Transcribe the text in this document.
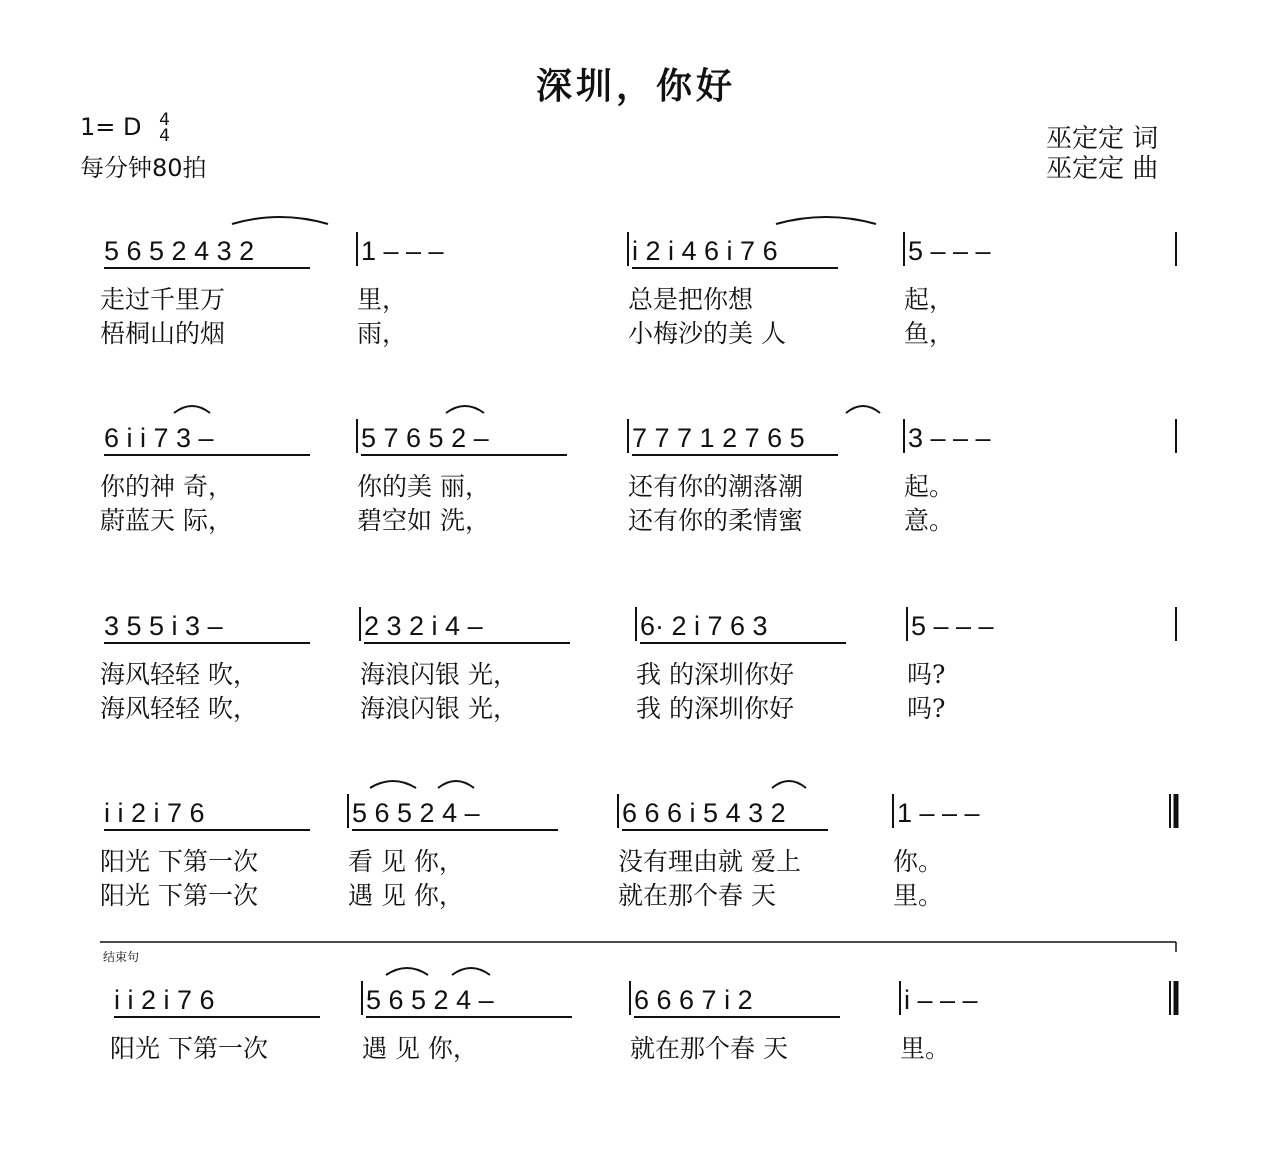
深圳，你好
1= D 4
4
每分钟80拍
巫定定 词
巫定定 曲
5 6 5 2 4 3 2
走过千里万
梧桐山的烟
1 – – –
里，
雨，
i 2 i 4 6 i 7 6
总是把你想
小梅沙的美 人
5 – – –
起，
鱼，
6 i i 7 3 –
你的神 奇，
蔚蓝天 际，
5 7 6 5 2 –
你的美 丽，
碧空如 洗，
7 7 7 1 2 7 6 5
还有你的潮落潮
还有你的柔情蜜
3 – – –
起。
意。
3 5 5 i 3 –
海风轻轻 吹，
海风轻轻 吹，
2 3 2 i 4 –
海浪闪银 光，
海浪闪银 光，
6· 2 i 7 6 3
我 的深圳你好
我 的深圳你好
5 – – –
吗?
吗?
i i 2 i 7 6
阳光 下第一次
阳光 下第一次
5 6 5 2 4 –
看 见 你，
遇 见 你，
6 6 6 i 5 4 3 2
没有理由就 爱上
就在那个春 天
1 – – –
你。
里。
i i 2 i 7 6
阳光 下第一次
5 6 5 2 4 –
遇 见 你，
6 6 6 7 i 2
就在那个春 天
i – – –
里。
结束句
